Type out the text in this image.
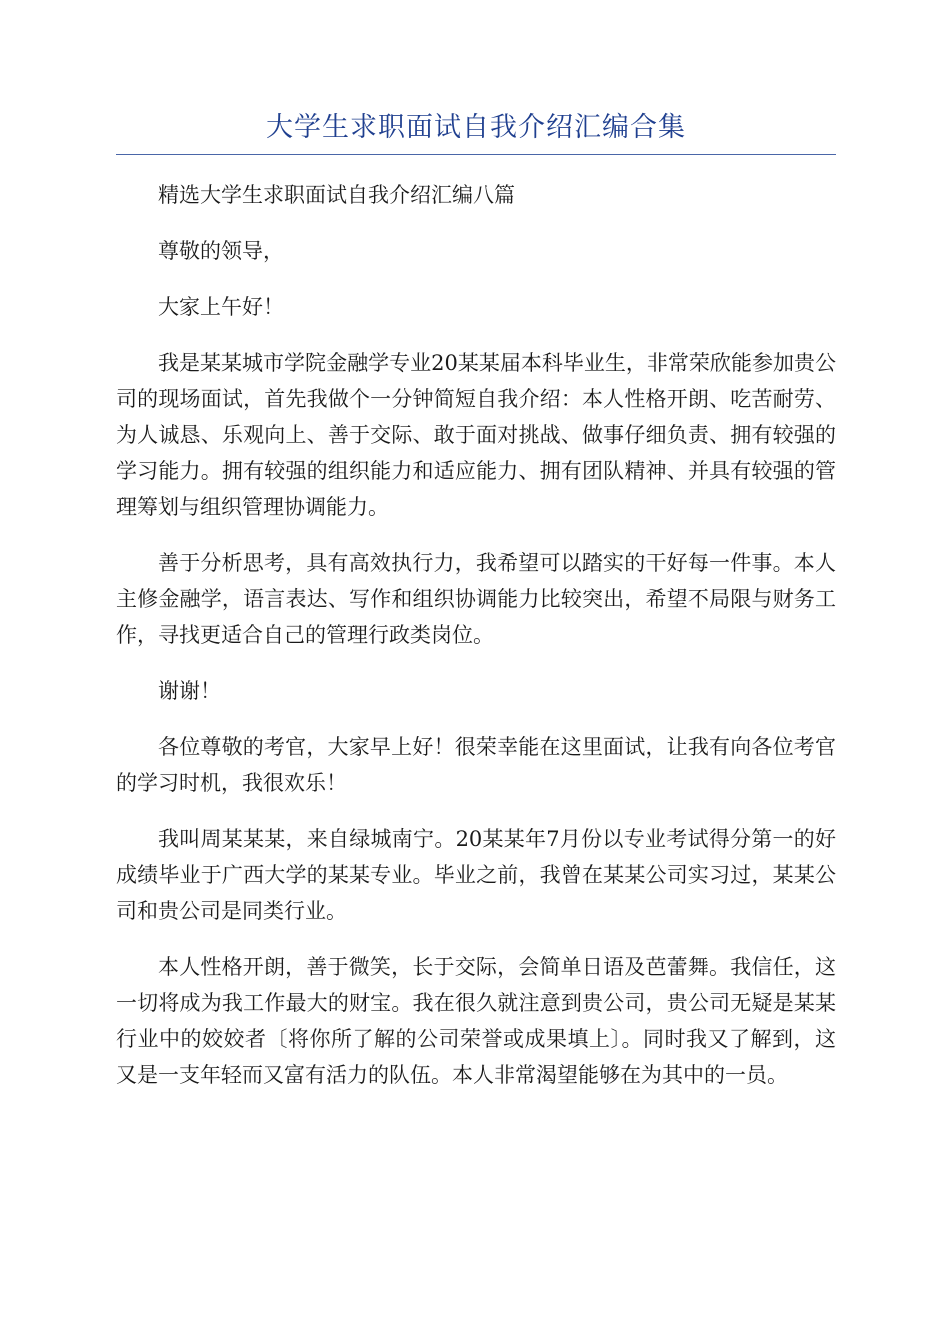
大学生求职面试自我介绍汇编合集

精选大学生求职面试自我介绍汇编八篇

尊敬的领导，

大家上午好！

我是某某城市学院金融学专业20某某届本科毕业生，非常荣欣能参加贵公司的现场面试，首先我做个一分钟简短自我介绍：本人性格开朗、吃苦耐劳、为人诚恳、乐观向上、善于交际、敢于面对挑战、做事仔细负责、拥有较强的学习能力。拥有较强的组织能力和适应能力、拥有团队精神、并具有较强的管理筹划与组织管理协调能力。

善于分析思考，具有高效执行力，我希望可以踏实的干好每一件事。本人主修金融学，语言表达、写作和组织协调能力比较突出，希望不局限与财务工作，寻找更适合自己的管理行政类岗位。

谢谢！

各位尊敬的考官，大家早上好！很荣幸能在这里面试，让我有向各位考官的学习时机，我很欢乐！

我叫周某某某，来自绿城南宁。20某某年7月份以专业考试得分第一的好成绩毕业于广西大学的某某专业。毕业之前，我曾在某某公司实习过，某某公司和贵公司是同类行业。

本人性格开朗，善于微笑，长于交际，会简单日语及芭蕾舞。我信任，这一切将成为我工作最大的财宝。我在很久就注意到贵公司，贵公司无疑是某某行业中的姣姣者〔将你所了解的公司荣誉或成果填上〕。同时我又了解到，这又是一支年轻而又富有活力的队伍。本人非常渴望能够在为其中的一员。
